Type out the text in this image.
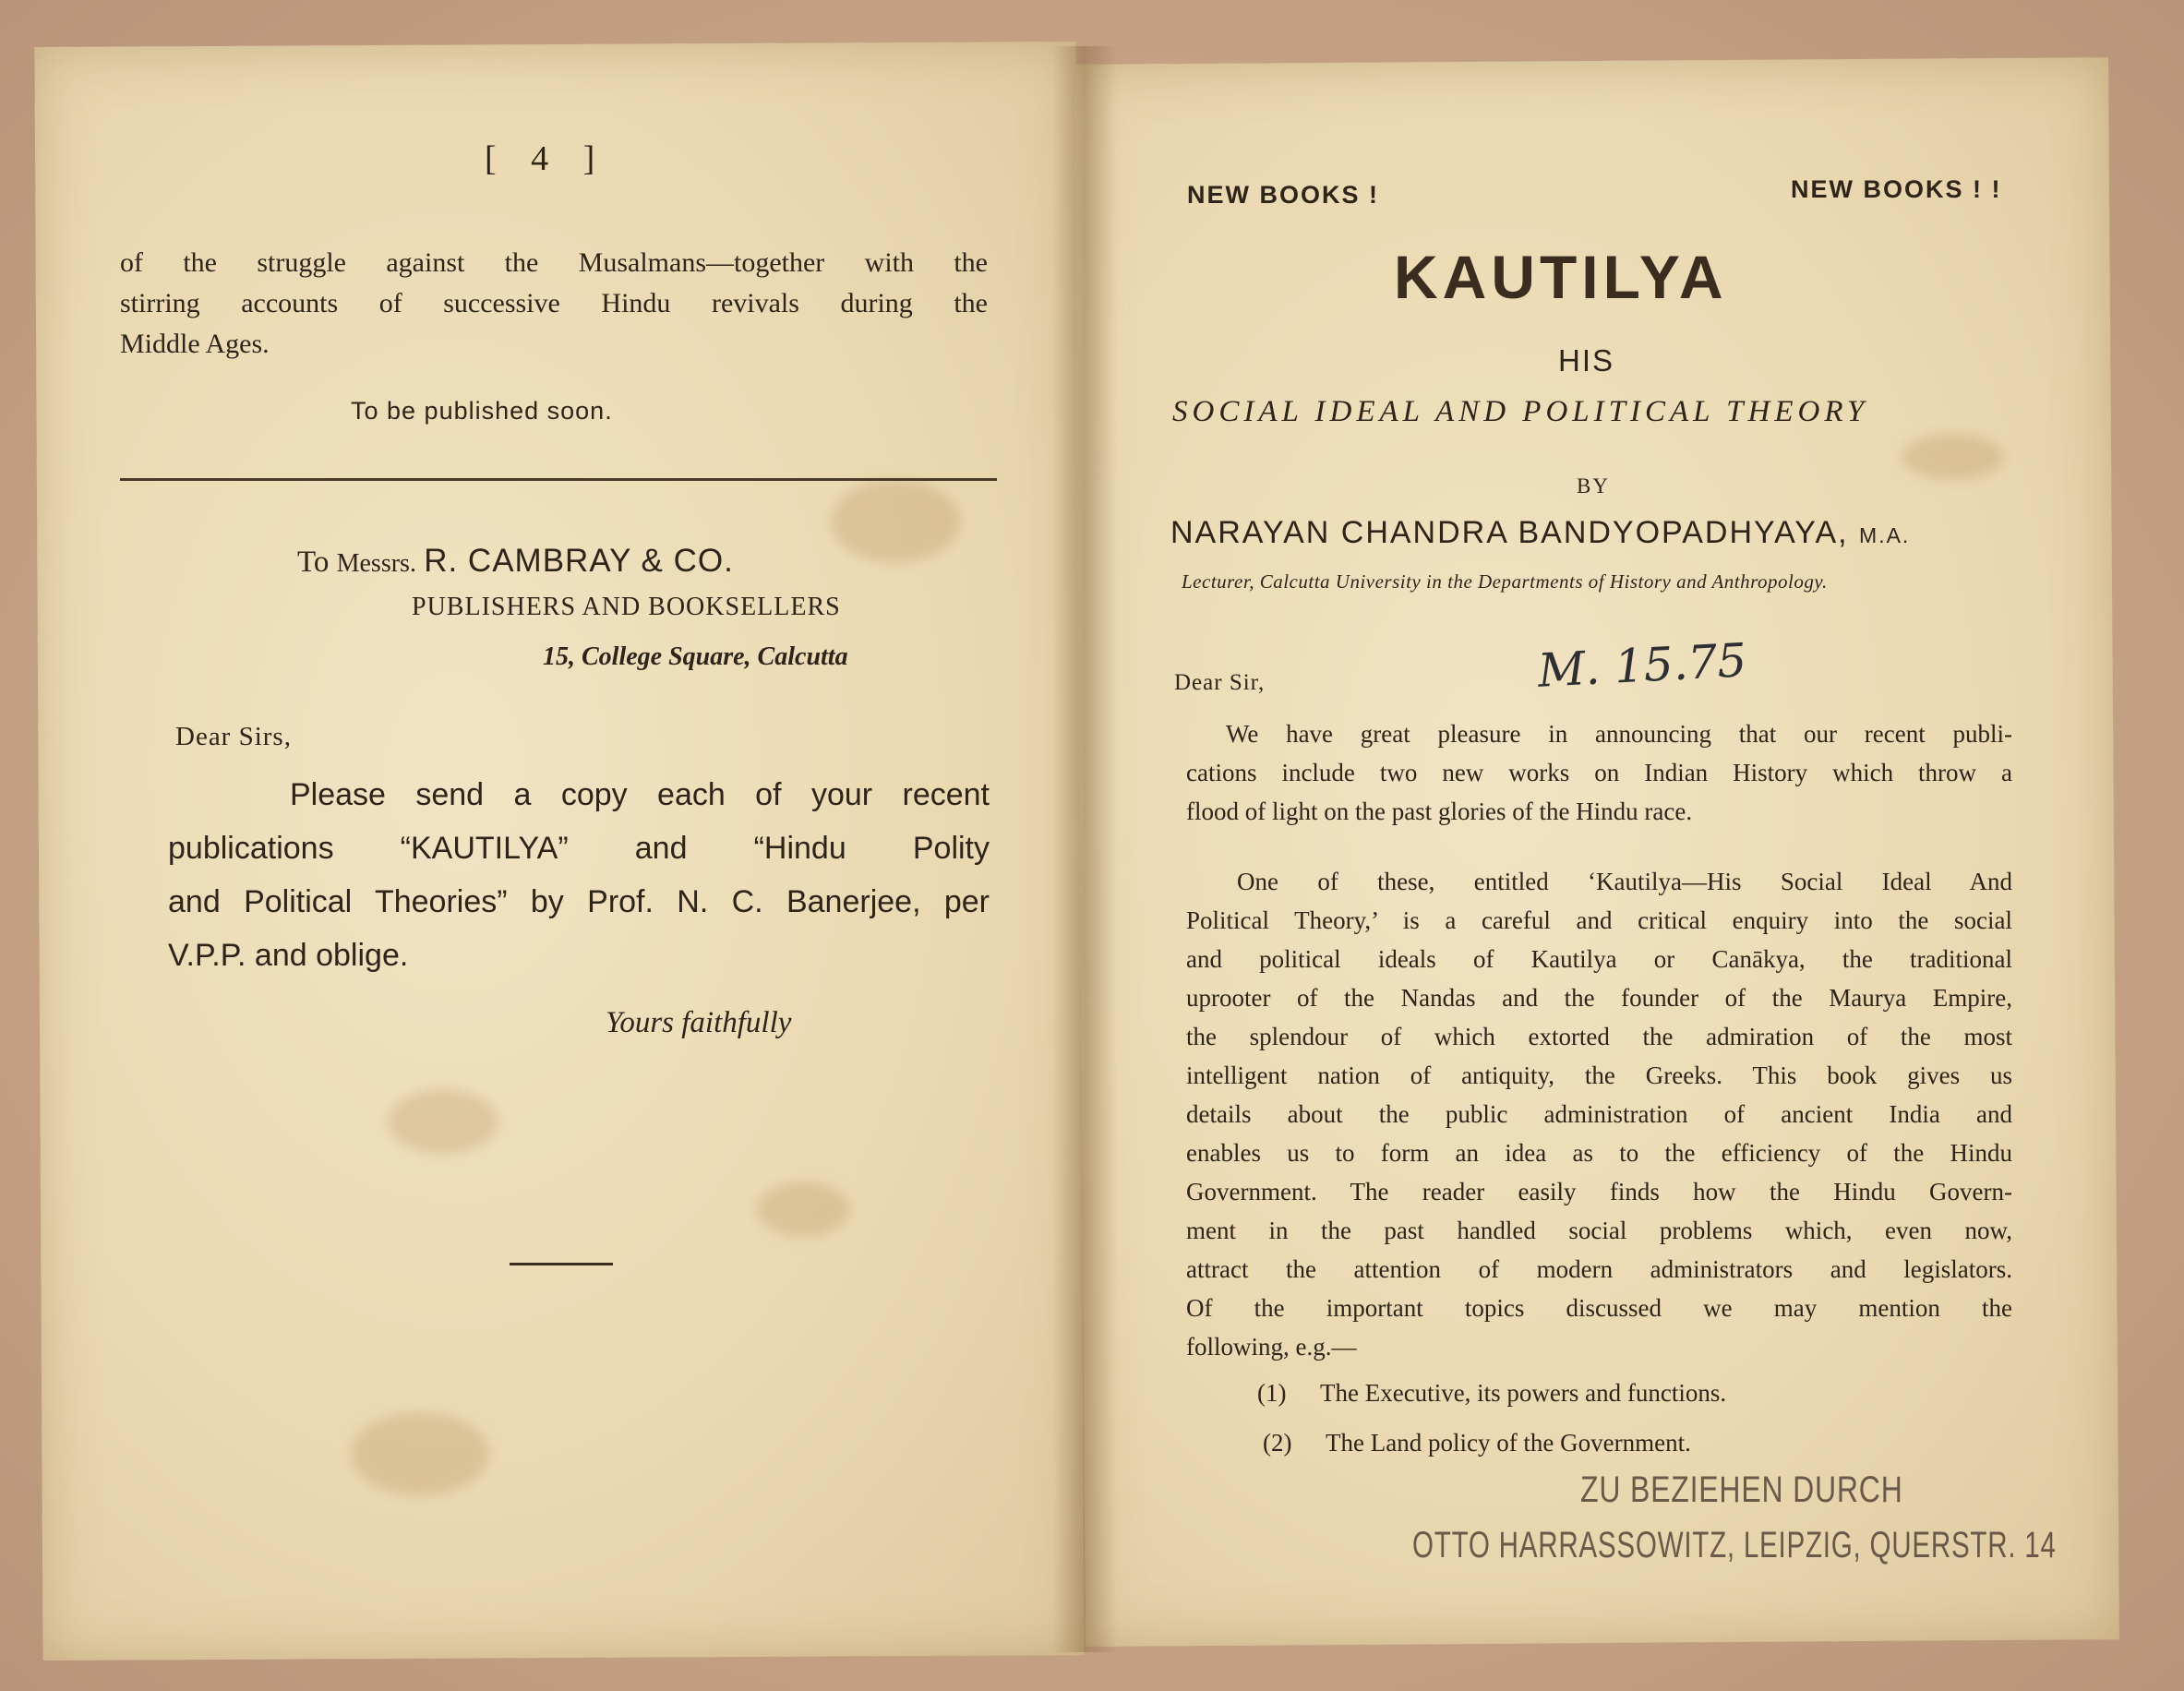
[ 4 ]
of the struggle against the Musalmans—together with the
stirring accounts of successive Hindu revivals during the
Middle Ages.
To be published soon.
To Messrs. R. CAMBRAY & CO.
PUBLISHERS AND BOOKSELLERS
15, College Square, Calcutta
Dear Sirs,
Please send a copy each of your recent
publications “KAUTILYA” and “Hindu Polity
and Political Theories” by Prof. N. C. Banerjee, per
V.P.P. and oblige.
Yours faithfully
NEW BOOKS !	NEW BOOKS ! !
KAUTILYA
HIS
SOCIAL IDEAL AND POLITICAL THEORY
BY
NARAYAN CHANDRA BANDYOPADHYAYA, M.A.
Lecturer, Calcutta University in the Departments of History and Anthropology.
Dear Sir,	M. 15.75
We have great pleasure in announcing that our recent publi-
cations include two new works on Indian History which throw a
flood of light on the past glories of the Hindu race.
One of these, entitled ‘Kautilya—His Social Ideal And
Political Theory,’ is a careful and critical enquiry into the social
and political ideals of Kautilya or Canākya, the traditional
uprooter of the Nandas and the founder of the Maurya Empire,
the splendour of which extorted the admiration of the most
intelligent nation of antiquity, the Greeks. This book gives us
details about the public administration of ancient India and
enables us to form an idea as to the efficiency of the Hindu
Government. The reader easily finds how the Hindu Govern-
ment in the past handled social problems which, even now,
attract the attention of modern administrators and legislators.
Of the important topics discussed we may mention the
following, e.g.—
(1) The Executive, its powers and functions.
(2) The Land policy of the Government.
ZU BEZIEHEN DURCH
OTTO HARRASSOWITZ, LEIPZIG, QUERSTR. 14
